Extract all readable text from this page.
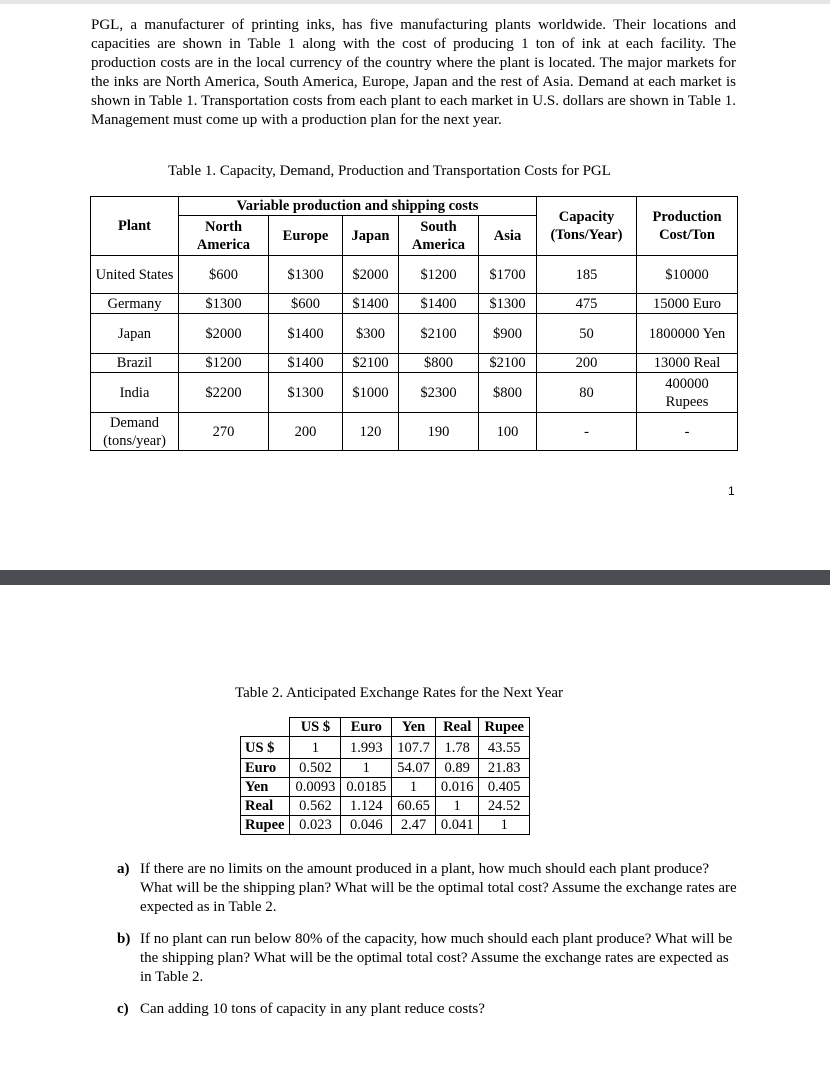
PGL, a manufacturer of printing inks, has five manufacturing plants worldwide. Their locations and capacities are shown in Table 1 along with the cost of producing 1 ton of ink at each facility. The production costs are in the local currency of the country where the plant is located. The major markets for the inks are North America, South America, Europe, Japan and the rest of Asia. Demand at each market is shown in Table 1. Transportation costs from each plant to each market in U.S. dollars are shown in Table 1. Management must come up with a production plan for the next year.

Table 1. Capacity, Demand, Production and Transportation Costs for PGL
Plant	Variable production and shipping costs					Capacity (Tons/Year)	Production Cost/Ton
	North America	Europe	Japan	South America	Asia		
United States	$600	$1300	$2000	$1200	$1700	185	$10000
Germany	$1300	$600	$1400	$1400	$1300	475	15000 Euro
Japan	$2000	$1400	$300	$2100	$900	50	1800000 Yen
Brazil	$1200	$1400	$2100	$800	$2100	200	13000 Real
India	$2200	$1300	$1000	$2300	$800	80	400000 Rupees
Demand (tons/year)	270	200	120	190	100	-	-
1
Table 2. Anticipated Exchange Rates for the Next Year
	US $	Euro	Yen	Real	Rupee
US $	1	1.993	107.7	1.78	43.55
Euro	0.502	1	54.07	0.89	21.83
Yen	0.0093	0.0185	1	0.016	0.405
Real	0.562	1.124	60.65	1	24.52
Rupee	0.023	0.046	2.47	0.041	1
a) If there are no limits on the amount produced in a plant, how much should each plant produce? What will be the shipping plan? What will be the optimal total cost? Assume the exchange rates are expected as in Table 2.
b) If no plant can run below 80% of the capacity, how much should each plant produce? What will be the shipping plan? What will be the optimal total cost? Assume the exchange rates are expected as in Table 2.
c) Can adding 10 tons of capacity in any plant reduce costs?
